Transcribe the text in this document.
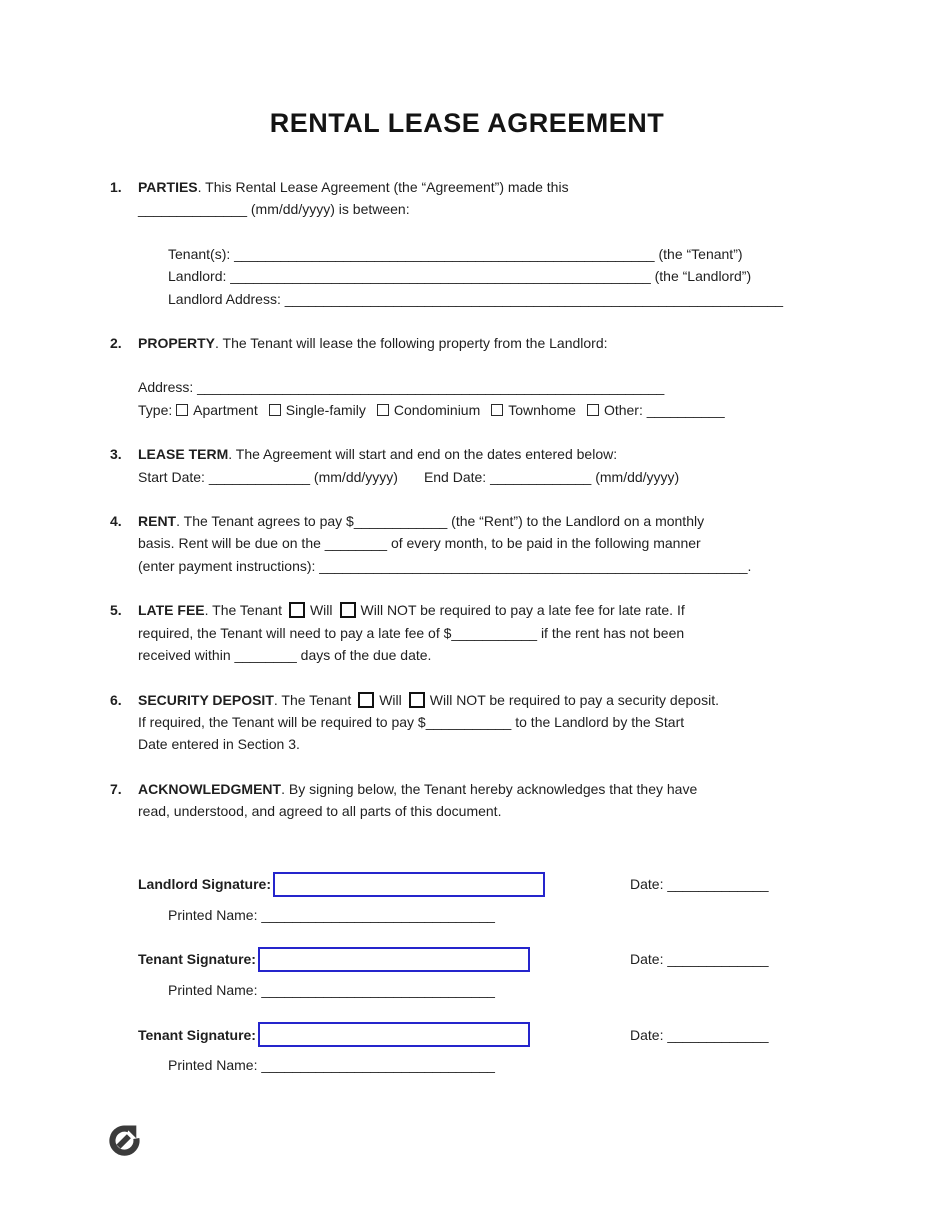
RENTAL LEASE AGREEMENT
1.	PARTIES. This Rental Lease Agreement (the “Agreement”) made this
______________ (mm/dd/yyyy) is between:
Tenant(s): ______________________________________________________ (the “Tenant”)
Landlord: ______________________________________________________ (the “Landlord”)
Landlord Address: ________________________________________________________________
2.	PROPERTY. The Tenant will lease the following property from the Landlord:
Address: ____________________________________________________________
Type: Apartment Single-family Condominium Townhome Other: __________
3.	LEASE TERM. The Agreement will start and end on the dates entered below:
Start Date: _____________ (mm/dd/yyyy) End Date: _____________ (mm/dd/yyyy)
4.	RENT. The Tenant agrees to pay $____________ (the “Rent”) to the Landlord on a monthly
basis. Rent will be due on the ________ of every month, to be paid in the following manner
(enter payment instructions): _______________________________________________________.
5.	LATE FEE. The Tenant Will Will NOT be required to pay a late fee for late rate. If
required, the Tenant will need to pay a late fee of $___________ if the rent has not been
received within ________ days of the due date.
6.	SECURITY DEPOSIT. The Tenant Will Will NOT be required to pay a security deposit.
If required, the Tenant will be required to pay $___________ to the Landlord by the Start
Date entered in Section 3.
7.	ACKNOWLEDGMENT. By signing below, the Tenant hereby acknowledges that they have
read, understood, and agreed to all parts of this document.
Landlord Signature:	Date: _____________
Printed Name: ______________________________
Tenant Signature:	Date: _____________
Printed Name: ______________________________
Tenant Signature:	Date: _____________
Printed Name: ______________________________
